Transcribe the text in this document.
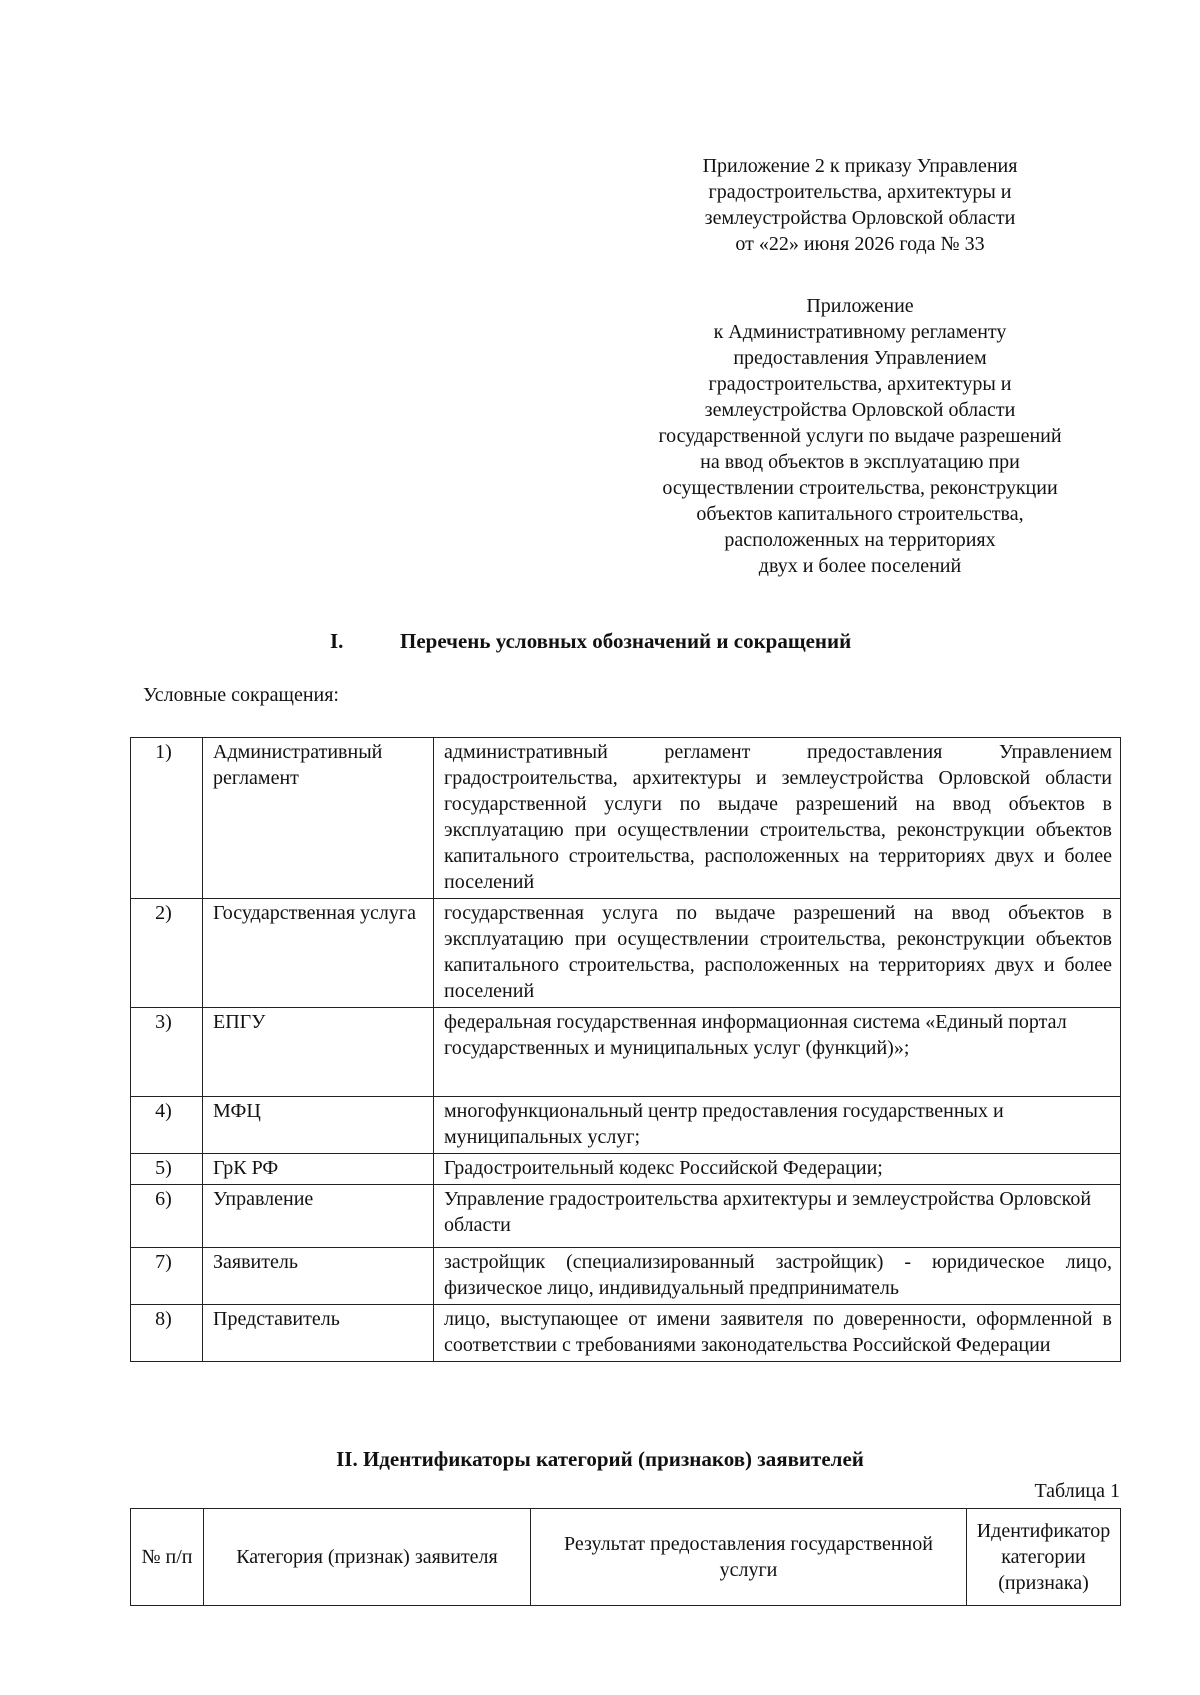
Приложение 2 к приказу Управления
градостроительства, архитектуры и
землеустройства Орловской области
от «22» июня 2026 года № 33
Приложение
к Административному регламенту
предоставления Управлением
градостроительства, архитектуры и
землеустройства Орловской области
государственной услуги по выдаче разрешений
на ввод объектов в эксплуатацию при
осуществлении строительства, реконструкции
объектов капитального строительства,
расположенных на территориях
двух и более поселений
I.	Перечень условных обозначений и сокращений
Условные сокращения:
1)	Административный регламент	административный регламент предоставления Управлением градостроительства, архитектуры и землеустройства Орловской области государственной услуги по выдаче разрешений на ввод объектов в эксплуатацию при осуществлении строительства, реконструкции объектов капитального строительства, расположенных на территориях двух и более поселений
2)	Государственная услуга	государственная услуга по выдаче разрешений на ввод объектов в эксплуатацию при осуществлении строительства, реконструкции объектов капитального строительства, расположенных на территориях двух и более поселений
3)	ЕПГУ	федеральная государственная информационная система «Единый портал государственных и муниципальных услуг (функций)»;
4)	МФЦ	многофункциональный центр предоставления государственных и муниципальных услуг;
5)	ГрК РФ	Градостроительный кодекс Российской Федерации;
6)	Управление	Управление градостроительства архитектуры и землеустройства Орловской области
7)	Заявитель	застройщик (специализированный застройщик) - юридическое лицо, физическое лицо, индивидуальный предприниматель
8)	Представитель	лицо, выступающее от имени заявителя по доверенности, оформленной в соответствии с требованиями законодательства Российской Федерации
II. Идентификаторы категорий (признаков) заявителей
Таблица 1
№ п/п	Категория (признак) заявителя	Результат предоставления государственной услуги	Идентификатор категории (признака)
